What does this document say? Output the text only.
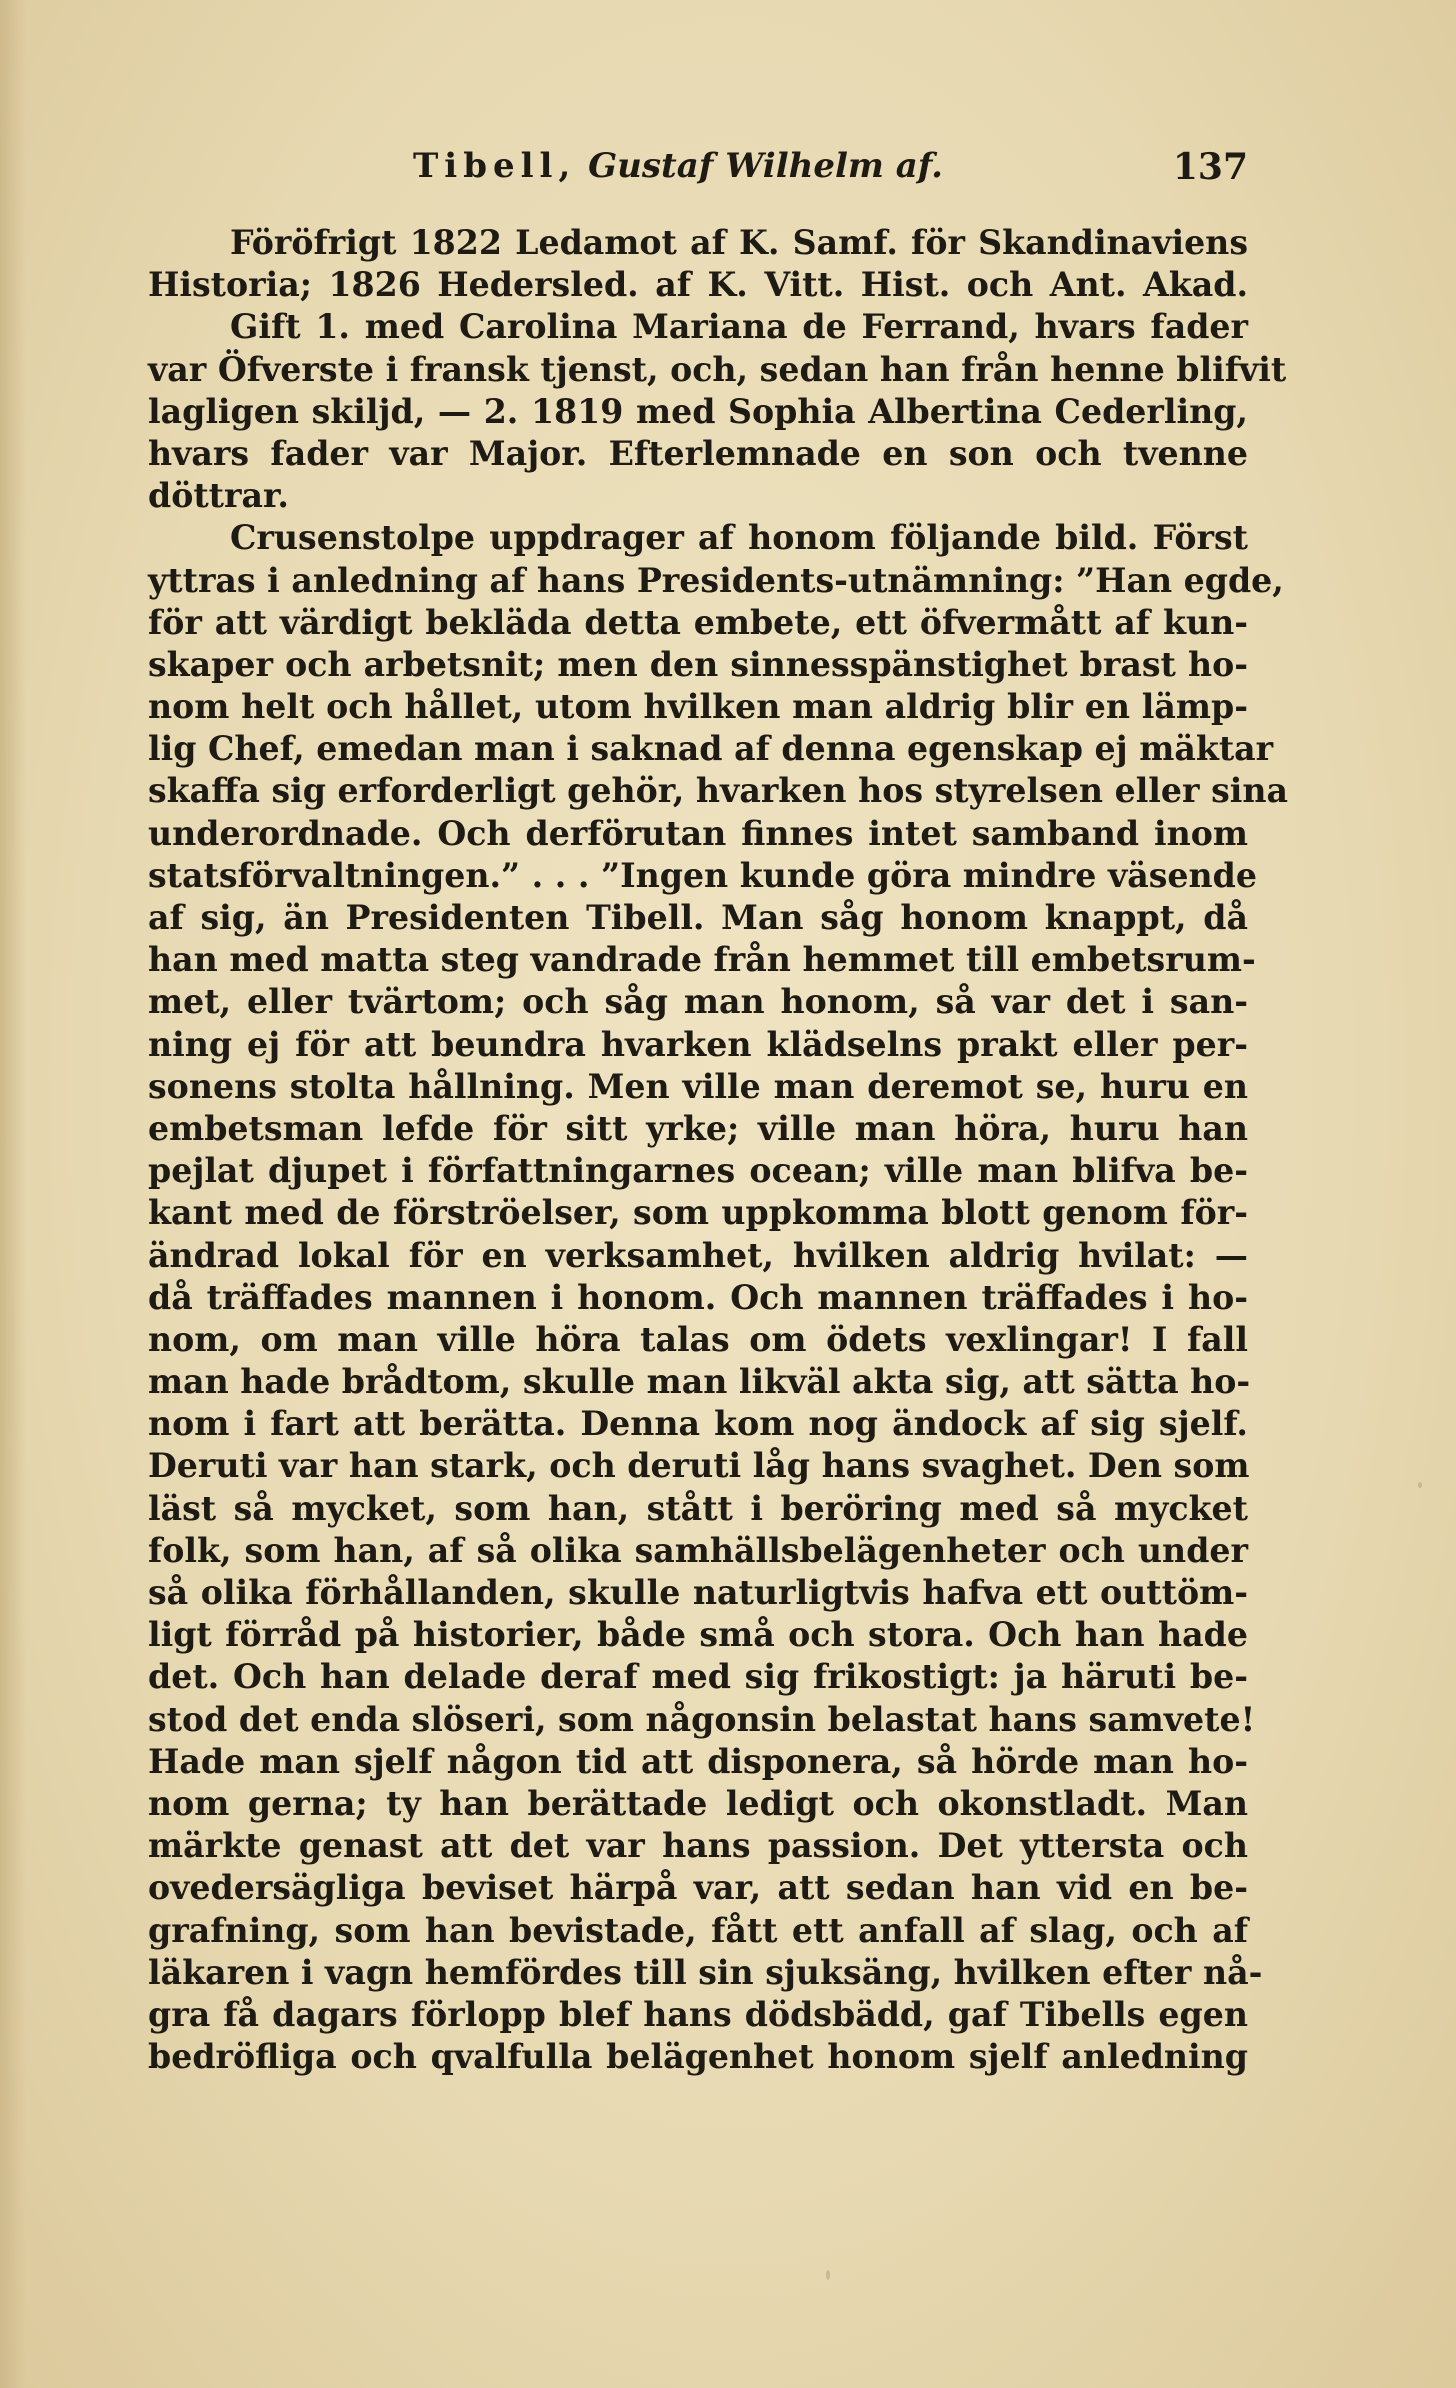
Tibell, Gustaf Wilhelm af.	137
Föröfrigt 1822 Ledamot af K. Samf. för Skandinaviens
Historia; 1826 Hedersled. af K. Vitt. Hist. och Ant. Akad.
Gift 1. med Carolina Mariana de Ferrand, hvars fader
var Öfverste i fransk tjenst, och, sedan han från henne blifvit
lagligen skiljd, — 2. 1819 med Sophia Albertina Cederling,
hvars fader var Major. Efterlemnade en son och tvenne
döttrar.
Crusenstolpe uppdrager af honom följande bild. Först
yttras i anledning af hans Presidents-utnämning: ”Han egde,
för att värdigt bekläda detta embete, ett öfvermått af kun-
skaper och arbetsnit; men den sinnesspänstighet brast ho-
nom helt och hållet, utom hvilken man aldrig blir en lämp-
lig Chef, emedan man i saknad af denna egenskap ej mäktar
skaffa sig erforderligt gehör, hvarken hos styrelsen eller sina
underordnade. Och derförutan finnes intet samband inom
statsförvaltningen.” . . . ”Ingen kunde göra mindre väsende
af sig, än Presidenten Tibell. Man såg honom knappt, då
han med matta steg vandrade från hemmet till embetsrum-
met, eller tvärtom; och såg man honom, så var det i san-
ning ej för att beundra hvarken klädselns prakt eller per-
sonens stolta hållning. Men ville man deremot se, huru en
embetsman lefde för sitt yrke; ville man höra, huru han
pejlat djupet i författningarnes ocean; ville man blifva be-
kant med de förströelser, som uppkomma blott genom för-
ändrad lokal för en verksamhet, hvilken aldrig hvilat: —
då träffades mannen i honom. Och mannen träffades i ho-
nom, om man ville höra talas om ödets vexlingar! I fall
man hade brådtom, skulle man likväl akta sig, att sätta ho-
nom i fart att berätta. Denna kom nog ändock af sig sjelf.
Deruti var han stark, och deruti låg hans svaghet. Den som
läst så mycket, som han, stått i beröring med så mycket
folk, som han, af så olika samhällsbelägenheter och under
så olika förhållanden, skulle naturligtvis hafva ett outtöm-
ligt förråd på historier, både små och stora. Och han hade
det. Och han delade deraf med sig frikostigt: ja häruti be-
stod det enda slöseri, som någonsin belastat hans samvete!
Hade man sjelf någon tid att disponera, så hörde man ho-
nom gerna; ty han berättade ledigt och okonstladt. Man
märkte genast att det var hans passion. Det yttersta och
ovedersägliga beviset härpå var, att sedan han vid en be-
grafning, som han bevistade, fått ett anfall af slag, och af
läkaren i vagn hemfördes till sin sjuksäng, hvilken efter nå-
gra få dagars förlopp blef hans dödsbädd, gaf Tibells egen
bedröfliga och qvalfulla belägenhet honom sjelf anledning
